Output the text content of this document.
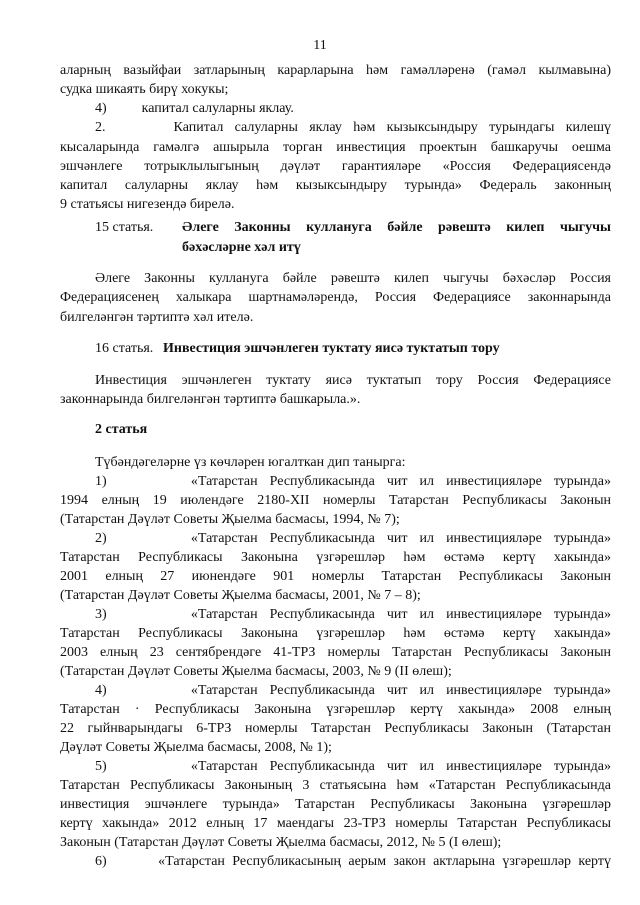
11
аларның вазыйфаи затларының карарларына һәм гамәлләренә (гамәл кылмавына)
судка шикаять бирү хокукы;
4)          капитал салуларны яклау.
2.      Капитал салуларны яклау һәм кызыксындыру турындагы килешү
кысаларында гамәлгә ашырыла торган инвестиция проектын башкаручы оешма
эшчәнлеге тотрыклылыгының дәүләт гарантияләре «Россия Федерациясендә
капитал салуларны яклау һәм кызыксындыру турында» Федераль законның
9 статьясы нигезендә бирелә.
15 статья. Әлеге Законны куллануга бәйле рәвештә килеп чыгучы
бәхәсләрне хәл итү
Әлеге Законны куллануга бәйле рәвештә килеп чыгучы бәхәсләр Россия
Федерациясенең халыкара шартнамәләрендә, Россия Федерациясе законнарында
билгеләнгән тәртиптә хәл ителә.
16 статья. Инвестиция эшчәнлеген туктату яисә туктатып тору
Инвестиция эшчәнлеген туктату яисә туктатып тору Россия Федерациясе
законнарында билгеләнгән тәртиптә башкарыла.».
2 статья
Түбәндәгеләрне үз көчләрен югалткан дип танырга:
1)       «Татарстан Республикасында чит ил инвестицияләре турында»
1994 елның 19 июлендәге 2180-XII номерлы Татарстан Республикасы Законын
(Татарстан Дәүләт Советы Җыелма басмасы, 1994, № 7);
2)       «Татарстан Республикасында чит ил инвестицияләре турында»
Татарстан Республикасы Законына үзгәрешләр һәм өстәмә кертү хакында»
2001 елның 27 июнендәге 901 номерлы Татарстан Республикасы Законын
(Татарстан Дәүләт Советы Җыелма басмасы, 2001, № 7 – 8);
3)       «Татарстан Республикасында чит ил инвестицияләре турында»
Татарстан Республикасы Законына үзгәрешләр һәм өстәмә кертү хакында»
2003 елның 23 сентябрендәге 41-ТРЗ номерлы Татарстан Республикасы Законын
(Татарстан Дәүләт Советы Җыелма басмасы, 2003, № 9 (II өлеш);
4)       «Татарстан Республикасында чит ил инвестицияләре турында»
Татарстан · Республикасы Законына үзгәрешләр кертү хакында» 2008 елның
22 гыйнварындагы 6-ТРЗ номерлы Татарстан Республикасы Законын (Татарстан
Дәүләт Советы Җыелма басмасы, 2008, № 1);
5)       «Татарстан Республикасында чит ил инвестицияләре турында»
Татарстан Республикасы Законының 3 статьясына һәм «Татарстан Республикасында
инвестиция эшчәнлеге турында» Татарстан Республикасы Законына үзгәрешләр
кертү хакында» 2012 елның 17 маендагы 23-ТРЗ номерлы Татарстан Республикасы
Законын (Татарстан Дәүләт Советы Җыелма басмасы, 2012, № 5 (I өлеш);
6)       «Татарстан Республикасының аерым закон актларына үзгәрешләр кертү
